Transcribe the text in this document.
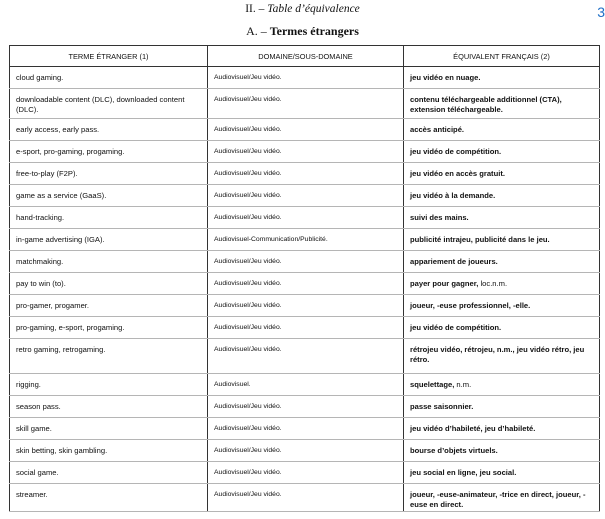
II. – Table d’équivalence
A. – Termes étrangers
3
TERME ÉTRANGER (1)	DOMAINE/SOUS-DOMAINE	ÉQUIVALENT FRANÇAIS (2)
cloud gaming.	Audiovisuel/Jeu vidéo.	jeu vidéo en nuage.
downloadable content (DLC), downloaded content (DLC).	Audiovisuel/Jeu vidéo.	contenu téléchargeable additionnel (CTA), extension téléchargeable.
early access, early pass.	Audiovisuel/Jeu vidéo.	accès anticipé.
e-sport, pro-gaming, progaming.	Audiovisuel/Jeu vidéo.	jeu vidéo de compétition.
free-to-play (F2P).	Audiovisuel/Jeu vidéo.	jeu vidéo en accès gratuit.
game as a service (GaaS).	Audiovisuel/Jeu vidéo.	jeu vidéo à la demande.
hand-tracking.	Audiovisuel/Jeu vidéo.	suivi des mains.
in-game advertising (IGA).	Audiovisuel-Communication/Publicité.	publicité intrajeu, publicité dans le jeu.
matchmaking.	Audiovisuel/Jeu vidéo.	appariement de joueurs.
pay to win (to).	Audiovisuel/Jeu vidéo.	payer pour gagner, loc.n.m.
pro-gamer, progamer.	Audiovisuel/Jeu vidéo.	joueur, -euse professionnel, -elle.
pro-gaming, e-sport, progaming.	Audiovisuel/Jeu vidéo.	jeu vidéo de compétition.
retro gaming, retrogaming.	Audiovisuel/Jeu vidéo.	rétrojeu vidéo, rétrojeu, n.m., jeu vidéo rétro, jeu rétro.
rigging.	Audiovisuel.	squelettage, n.m.
season pass.	Audiovisuel/Jeu vidéo.	passe saisonnier.
skill game.	Audiovisuel/Jeu vidéo.	jeu vidéo d’habileté, jeu d’habileté.
skin betting, skin gambling.	Audiovisuel/Jeu vidéo.	bourse d’objets virtuels.
social game.	Audiovisuel/Jeu vidéo.	jeu social en ligne, jeu social.
streamer.	Audiovisuel/Jeu vidéo.	joueur, -euse-animateur, -trice en direct, joueur, -euse en direct.
